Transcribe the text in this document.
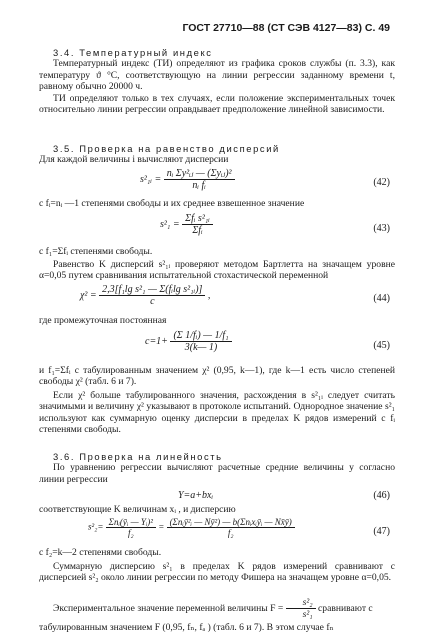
ГОСТ 27710—88 (СТ СЭВ 4127—83) С. 49
3.4. Температурный индекс
Температурный индекс (ТИ) определяют из графика сроков службы (п. 3.3), как температуру ϑ °С, соответствующую на линии регрессии заданному времени t, равному обычно 20000 ч.
ТИ определяют только в тех случаях, если положение экспериментальных точек относительно линии регрессии оправдывает предположение линейной зависимости.
3.5. Проверка на равенство дисперсий
Для каждой величины i вычисляют дисперсии
s²₁ᵢ = $\frac{\text{nᵢ Σy²ᵢⱼ — (Σyᵢⱼ)²}}{\text{nᵢ fᵢ}}$	(42)
с fᵢ=nᵢ —1 степенями свободы и их среднее взвешенное значение
$s^2_1 = \frac{\text{Σfᵢ s²₁ᵢ}}{\text{Σfᵢ}}$	(43)
с f₁=Σfᵢ степенями свободы.
Равенство K дисперсий s²₁ᵢ проверяют методом Бартлетта на значащем уровне α=0,05 путем сравнивания испытательной стохастической переменной
$\chi^2 = \frac{\text{2,3[f₁lg s²₁ — Σ(fᵢlg s²₁ᵢ)]}}{c}$ ,	(44)
где промежуточная постоянная
$c=1+ \frac{\text{(Σ 1/fᵢ) — 1/f₁}}{3(k— 1)}$	(45)
и f₁=Σfᵢ с табулированным значением χ² (0,95, k—1), где k—1 есть число степеней свободы χ² (табл. 6 и 7).
Если χ² больше табулированного значения, расхождения в s²₁ᵢ следует считать значимыми и величину χ² указывают в протоколе испытаний. Однородное значение s²₁ используют как суммарную оценку дисперсии в пределах K рядов измерений с fᵢ степенями свободы.
3.6. Проверка на линейность
По уравнению регрессии вычисляют расчетные средние величины y согласно линии регрессии
Y=a+bxᵢ	(46)
соответствующие K величинам xᵢ , и дисперсию
$s^2_2= \frac{\text{Σnᵢ(ȳᵢ — Yᵢ)²}}{\text{f₂}} = \frac{\text{(Σnᵢȳ²ᵢ — Nȳ²) — b(Σnᵢxᵢȳᵢ — Nx̄ȳ)}}{\text{f₂}}$	(47)
с f₂=k—2 степенями свободы.
Суммарную дисперсию s²₁ в пределах K рядов измерений сравнивают с дисперсией s²₂ около линии регрессии по методу Фишера на значащем уровне α=0,05.
Экспериментальное значение переменной величины $F = \frac{\text{s²₂}}{\text{s²₁}}$ сравнивают с
табулированным значением F (0,95, fₙ, fₐ ) (табл. 6 и 7). В этом случае fₙ
